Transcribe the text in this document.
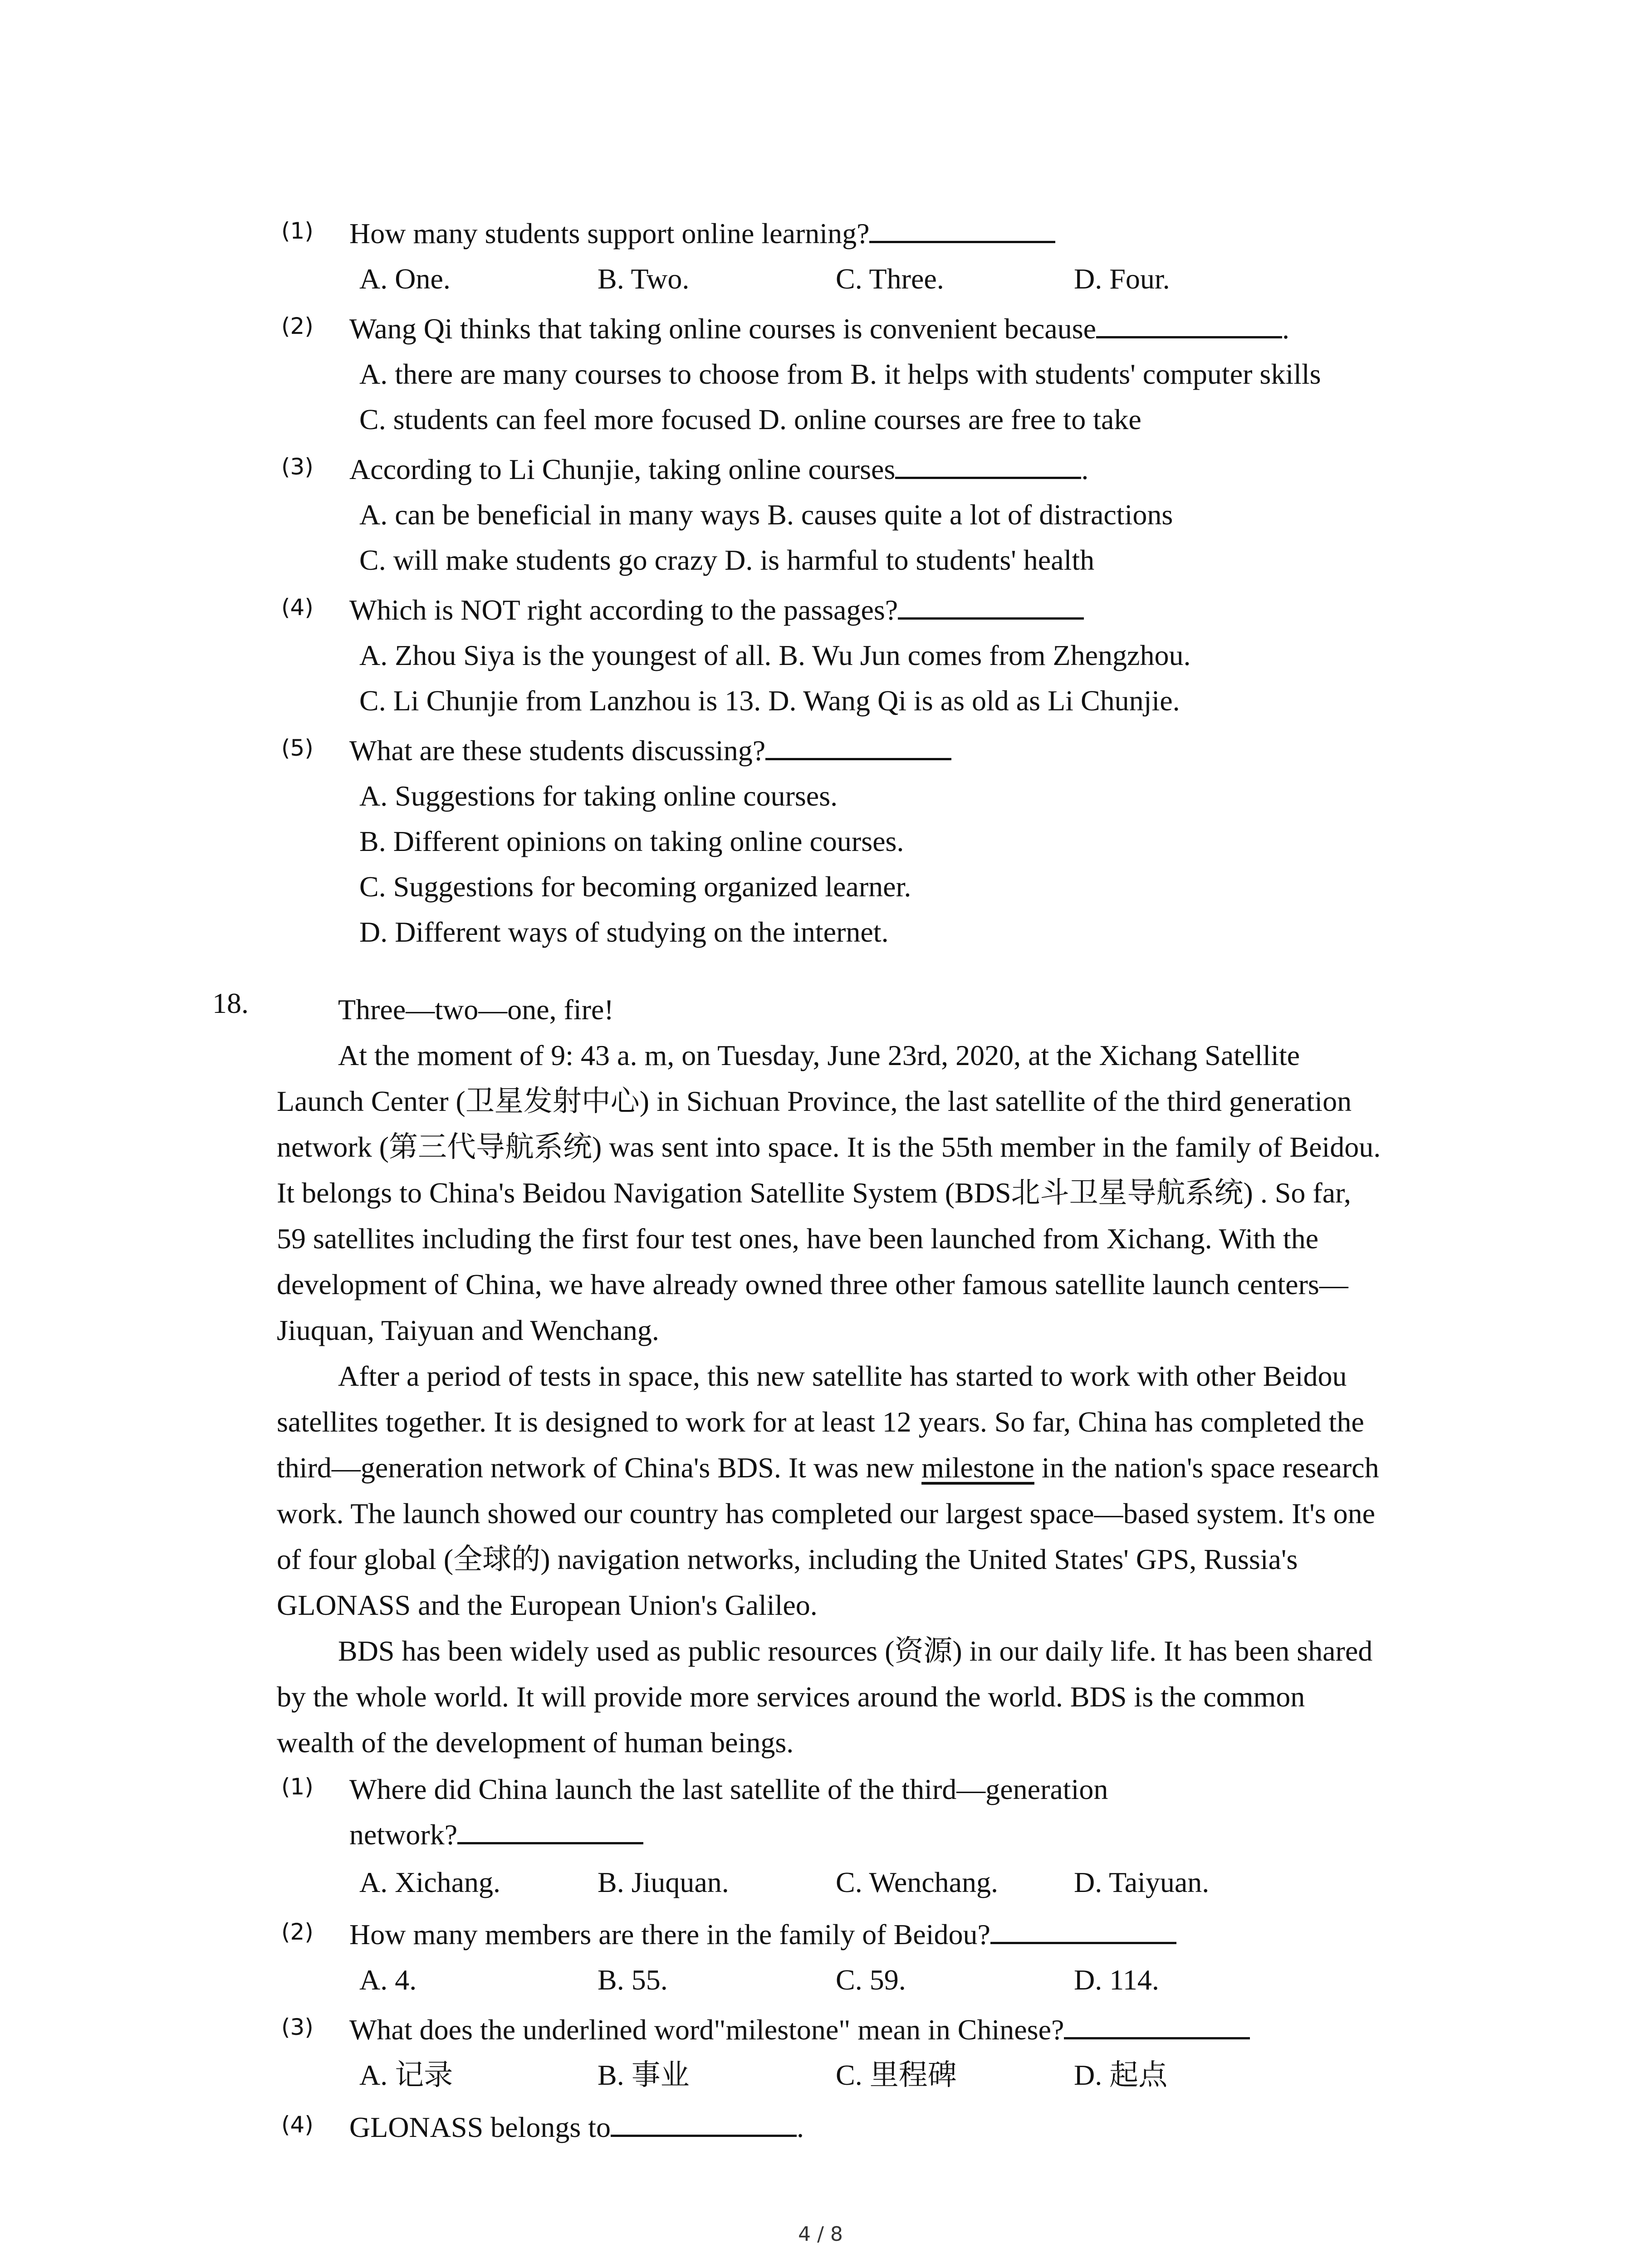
(1) How many students support online learning?
A. One.	B. Two.	C. Three.	D. Four.
(2) Wang Qi thinks that taking online courses is convenient because	.
A. there are many courses to choose from B. it helps with students' computer skills
C. students can feel more focused D. online courses are free to take
(3) According to Li Chunjie, taking online courses	.
A. can be beneficial in many ways B. causes quite a lot of distractions
C. will make students go crazy D. is harmful to students' health
(4) Which is NOT right according to the passages?
A. Zhou Siya is the youngest of all. B. Wu Jun comes from Zhengzhou.
C. Li Chunjie from Lanzhou is 13. D. Wang Qi is as old as Li Chunjie.
(5) What are these students discussing?
A. Suggestions for taking online courses.
B. Different opinions on taking online courses.
C. Suggestions for becoming organized learner.
D. Different ways of studying on the internet.
18.	Three—two—one, fire!
At the moment of 9: 43 a. m, on Tuesday, June 23rd, 2020, at the Xichang Satellite
Launch Center (卫星发射中心) in Sichuan Province, the last satellite of the third generation
network (第三代导航系统) was sent into space. It is the 55th member in the family of Beidou.
It belongs to China's Beidou Navigation Satellite System (BDS北斗卫星导航系统) . So far,
59 satellites including the first four test ones, have been launched from Xichang. With the
development of China, we have already owned three other famous satellite launch centers—
Jiuquan, Taiyuan and Wenchang.
After a period of tests in space, this new satellite has started to work with other Beidou
satellites together. It is designed to work for at least 12 years. So far, China has completed the
third—generation network of China's BDS. It was new milestone in the nation's space research
work. The launch showed our country has completed our largest space—based system. It's one
of four global (全球的) navigation networks, including the United States' GPS, Russia's
GLONASS and the European Union's Galileo.
BDS has been widely used as public resources (资源) in our daily life. It has been shared
by the whole world. It will provide more services around the world. BDS is the common
wealth of the development of human beings.
(1) Where did China launch the last satellite of the third—generation
network?
A. Xichang.	B. Jiuquan.	C. Wenchang.	D. Taiyuan.
(2) How many members are there in the family of Beidou?
A. 4.	B. 55.	C. 59.	D. 114.
(3) What does the underlined word"milestone" mean in Chinese?
A. 记录	B. 事业	C. 里程碑	D. 起点
(4) GLONASS belongs to	.
4 / 8
